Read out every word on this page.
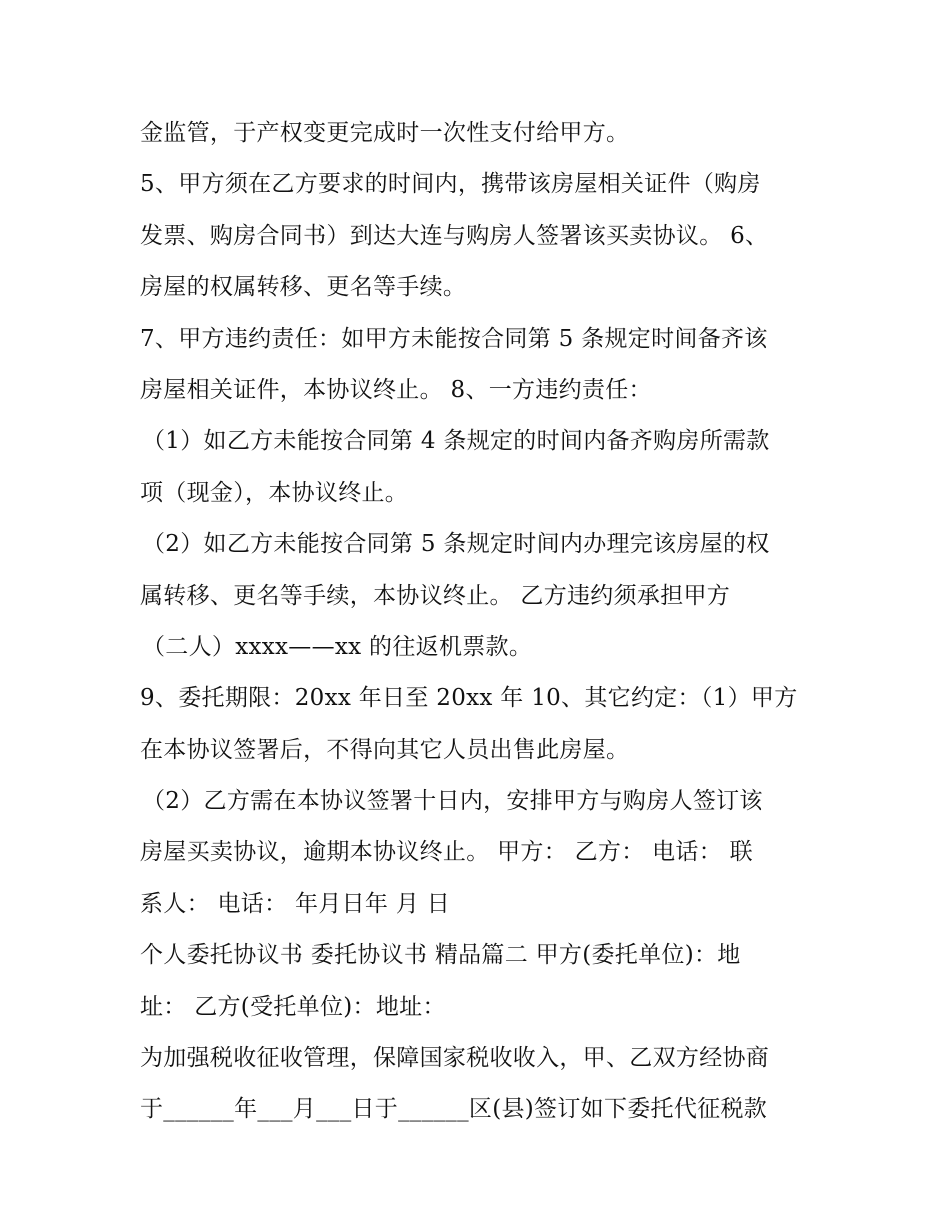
金监管，于产权变更完成时一次性支付给甲方。
5、甲方须在乙方要求的时间内，携带该房屋相关证件（购房
发票、购房合同书）到达大连与购房人签署该买卖协议。 6、
房屋的权属转移、更名等手续。
7、甲方违约责任：如甲方未能按合同第 5 条规定时间备齐该
房屋相关证件，本协议终止。 8、一方违约责任：
（1）如乙方未能按合同第 4 条规定的时间内备齐购房所需款
项（现金），本协议终止。
（2）如乙方未能按合同第 5 条规定时间内办理完该房屋的权
属转移、更名等手续，本协议终止。 乙方违约须承担甲方
（二人）xxxx——xx 的往返机票款。
9、委托期限：20xx 年日至 20xx 年 10、其它约定：（1）甲方
在本协议签署后，不得向其它人员出售此房屋。
（2）乙方需在本协议签署十日内，安排甲方与购房人签订该
房屋买卖协议，逾期本协议终止。 甲方： 乙方： 电话： 联
系人： 电话： 年月日年 月 日
个人委托协议书 委托协议书 精品篇二 甲方(委托单位)：地
址： 乙方(受托单位)：地址：
为加强税收征收管理，保障国家税收收入，甲、乙双方经协商
于______年___月___日于______区(县)签订如下委托代征税款
